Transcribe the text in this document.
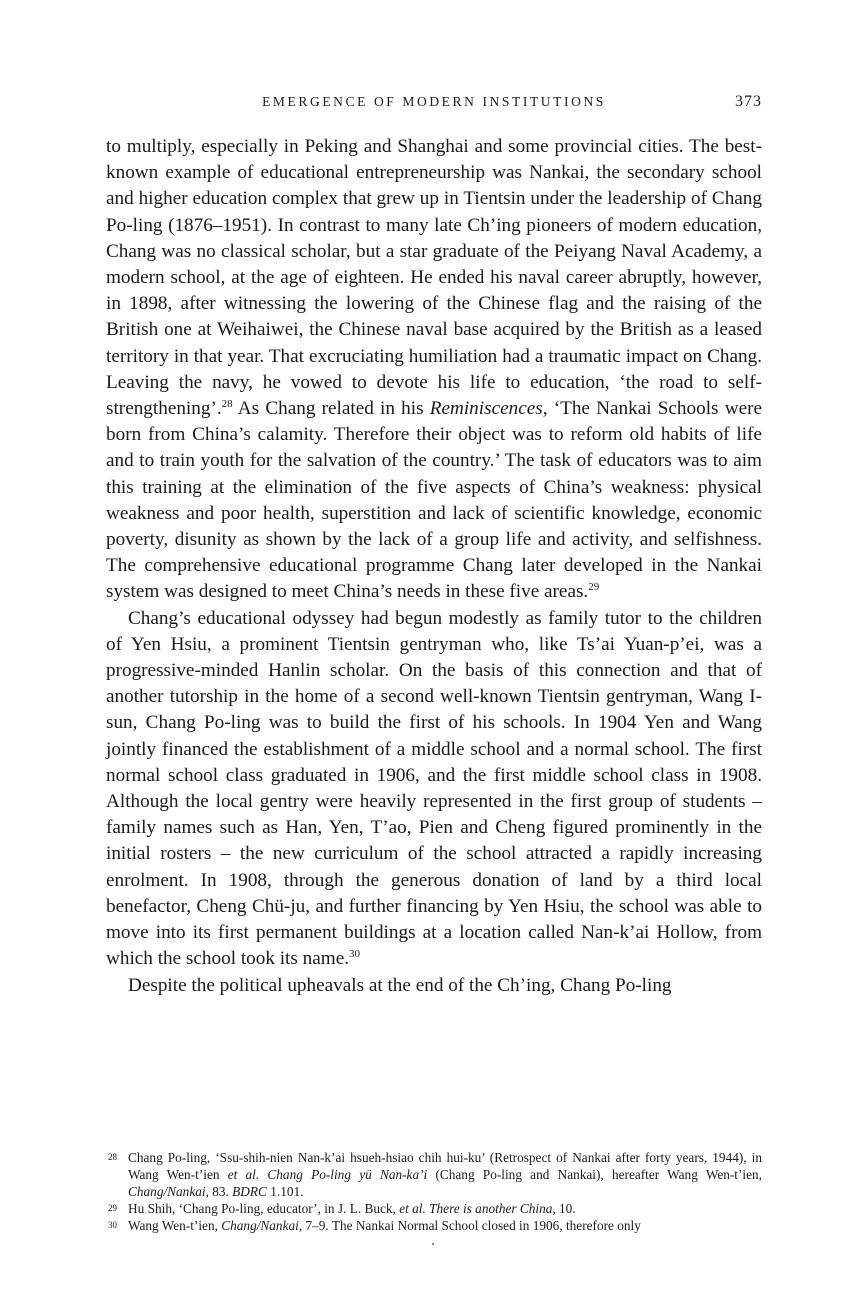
EMERGENCE OF MODERN INSTITUTIONS	373

to multiply, especially in Peking and Shanghai and some provincial cities. The best-known example of educational entrepreneurship was Nankai, the secondary school and higher education complex that grew up in Tientsin under the leadership of Chang Po-ling (1876–1951). In contrast to many late Ch’ing pioneers of modern education, Chang was no classical scholar, but a star graduate of the Peiyang Naval Academy, a modern school, at the age of eighteen. He ended his naval career abruptly, however, in 1898, after witnessing the lowering of the Chinese flag and the raising of the British one at Weihaiwei, the Chinese naval base acquired by the British as a leased territory in that year. That excruciating humiliation had a traumatic impact on Chang. Leaving the navy, he vowed to devote his life to education, ‘the road to self-strengthening’.$^{28}$ As Chang related in his Reminiscences, ‘The Nankai Schools were born from China’s calamity. Therefore their object was to reform old habits of life and to train youth for the salvation of the country.’ The task of educators was to aim this training at the elimination of the five aspects of China’s weakness: physical weakness and poor health, superstition and lack of scientific knowledge, economic poverty, disunity as shown by the lack of a group life and activity, and selfishness. The comprehensive educational programme Chang later developed in the Nankai system was designed to meet China’s needs in these five areas.$^{29}$

Chang’s educational odyssey had begun modestly as family tutor to the children of Yen Hsiu, a prominent Tientsin gentryman who, like Ts’ai Yuan-p’ei, was a progressive-minded Hanlin scholar. On the basis of this connection and that of another tutorship in the home of a second well-known Tientsin gentryman, Wang I-sun, Chang Po-ling was to build the first of his schools. In 1904 Yen and Wang jointly financed the establishment of a middle school and a normal school. The first normal school class graduated in 1906, and the first middle school class in 1908. Although the local gentry were heavily represented in the first group of students – family names such as Han, Yen, T’ao, Pien and Cheng figured prominently in the initial rosters – the new curriculum of the school attracted a rapidly increasing enrolment. In 1908, through the generous donation of land by a third local benefactor, Cheng Chü-ju, and further financing by Yen Hsiu, the school was able to move into its first permanent buildings at a location called Nan-k’ai Hollow, from which the school took its name.$^{30}$

Despite the political upheavals at the end of the Ch’ing, Chang Po-ling

28 Chang Po-ling, ‘Ssu-shih-nien Nan-k’ai hsueh-hsiao chih hui-ku’ (Retrospect of Nankai after forty years, 1944), in Wang Wen-t’ien et al. Chang Po-ling yü Nan-ka’i (Chang Po-ling and Nankai), hereafter Wang Wen-t’ien, Chang/Nankai, 83. BDRC 1.101.

29 Hu Shih, ‘Chang Po-ling, educator’, in J. L. Buck, et al. There is another China, 10.

30 Wang Wen-t’ien, Chang/Nankai, 7–9. The Nankai Normal School closed in 1906, therefore only
